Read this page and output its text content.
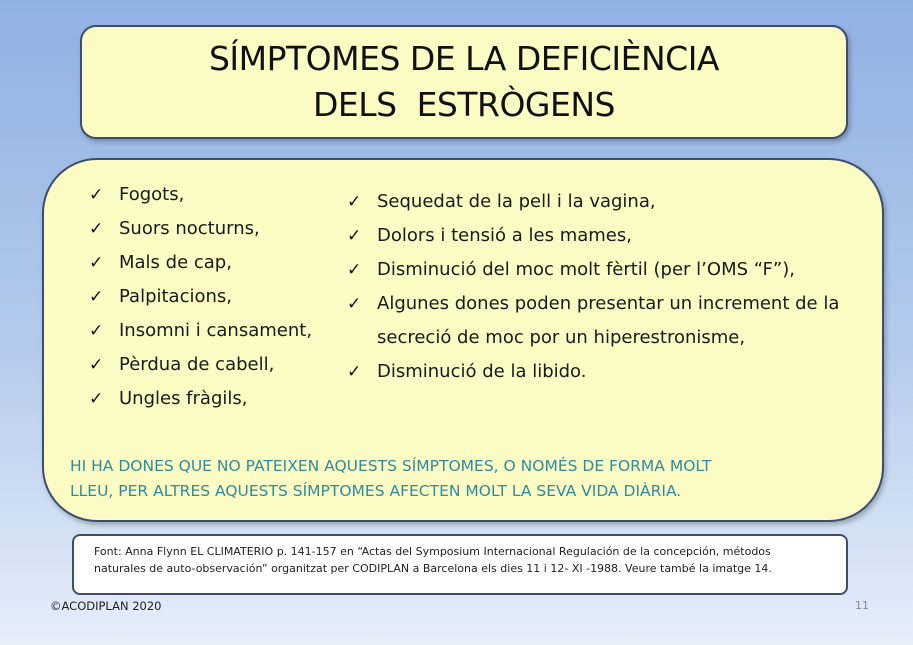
SÍMPTOMES DE LA DEFICIÈNCIA
DELS  ESTRÒGENS
✓ Fogots,
✓ Suors nocturns,
✓ Mals de cap,
✓ Palpitacions,
✓ Insomni i cansament,
✓ Pèrdua de cabell,
✓ Ungles fràgils,
✓ Sequedat de la pell i la vagina,
✓ Dolors i tensió a les mames,
✓ Disminució del moc molt fèrtil (per l’OMS “F”),
✓ Algunes dones poden presentar un increment de la secreció de moc por un hiperestronisme,
✓ Disminució de la libido.
HI HA DONES QUE NO PATEIXEN AQUESTS SÍMPTOMES, O NOMÉS DE FORMA MOLT
LLEU, PER ALTRES AQUESTS SÍMPTOMES AFECTEN MOLT LA SEVA VIDA DIÀRIA.
Font: Anna Flynn EL CLIMATERIO p. 141-157 en “Actas del Symposium Internacional Regulación de la concepción, métodos
naturales de auto-observación” organitzat per CODIPLAN a Barcelona els dies 11 i 12- XI -1988. Veure també la imatge 14.
©ACODIPLAN 2020	11
